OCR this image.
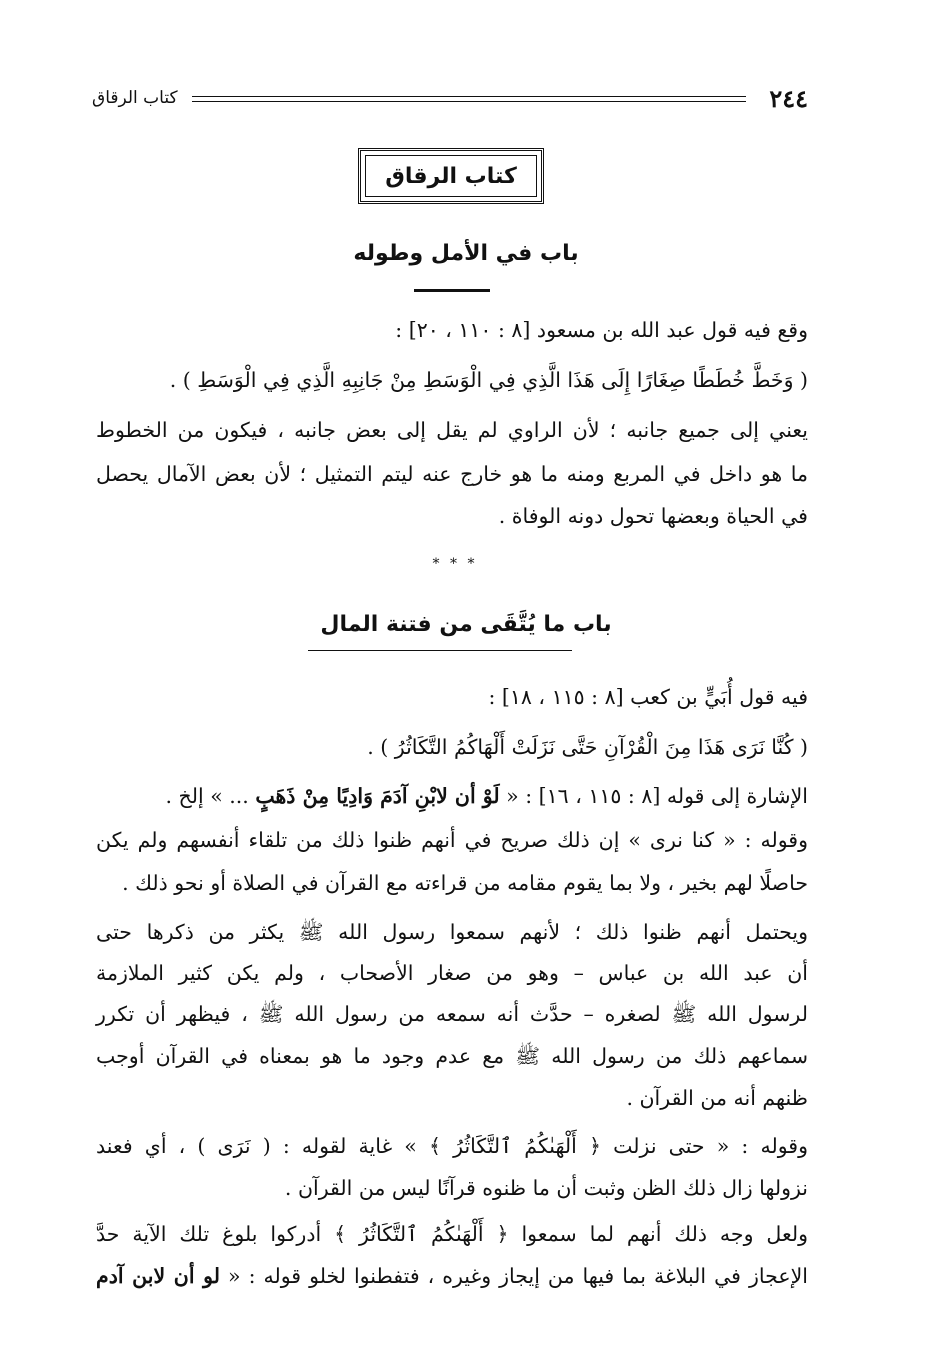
٢٤٤
كتاب الرقاق
كتاب الرقاق
باب في الأمل وطوله
وقع فيه قول عبد الله بن مسعود [٨ : ١١٠ ، ٢٠] :
( وَخَطَّ خُطَطًا صِغَارًا إِلَى هَذَا الَّذِي فِي الْوَسَطِ مِنْ جَانِبِهِ الَّذِي فِي الْوَسَطِ ) .
يعني إلى جميع جانبه ؛ لأن الراوي لم يقل إلى بعض جانبه ، فيكون من الخطوط
ما هو داخل في المربع ومنه ما هو خارج عنه ليتم التمثيل ؛ لأن بعض الآمال يحصل
في الحياة وبعضها تحول دونه الوفاة .
* * *
باب ما يُتَّقَى من فتنة المال
فيه قول أُبَيٍّ بن كعب [٨ : ١١٥ ، ١٨] :
( كُنَّا نَرَى هَذَا مِنَ الْقُرْآنِ حَتَّى نَزَلَتْ أَلْهَاكُمُ التَّكَاثُرُ ) .
الإشارة إلى قوله [٨ : ١١٥ ، ١٦] : « لَوْ أن لابْنِ آدَمَ وَادِيًا مِنْ ذَهَبٍ ... » إلخ .
وقوله : « كنا نرى » إن ذلك صريح في أنهم ظنوا ذلك من تلقاء أنفسهم ولم يكن
حاصلًا لهم بخير ، ولا بما يقوم مقامه من قراءته مع القرآن في الصلاة أو نحو ذلك .
ويحتمل أنهم ظنوا ذلك ؛ لأنهم سمعوا رسول الله ﷺ يكثر من ذكرها حتى
أن عبد الله بن عباس – وهو من صغار الأصحاب ، ولم يكن كثير الملازمة
لرسول الله ﷺ لصغره – حدَّث أنه سمعه من رسول الله ﷺ ، فيظهر أن تكرر
سماعهم ذلك من رسول الله ﷺ مع عدم وجود ما هو بمعناه في القرآن أوجب
ظنهم أنه من القرآن .
وقوله : « حتى نزلت ﴿ أَلْهَىٰكُمُ ٱلتَّكَاثُرُ ﴾ » غاية لقوله : ( نَرَى ) ، أي فعند
نزولها زال ذلك الظن وثبت أن ما ظنوه قرآنًا ليس من القرآن .
ولعل وجه ذلك أنهم لما سمعوا ﴿ أَلْهَىٰكُمُ ٱلتَّكَاثُرُ ﴾ أدركوا بلوغ تلك الآية حدَّ
الإعجاز في البلاغة بما فيها من إيجاز وغيره ، فتفطنوا لخلو قوله : « لو أن لابن آدم
